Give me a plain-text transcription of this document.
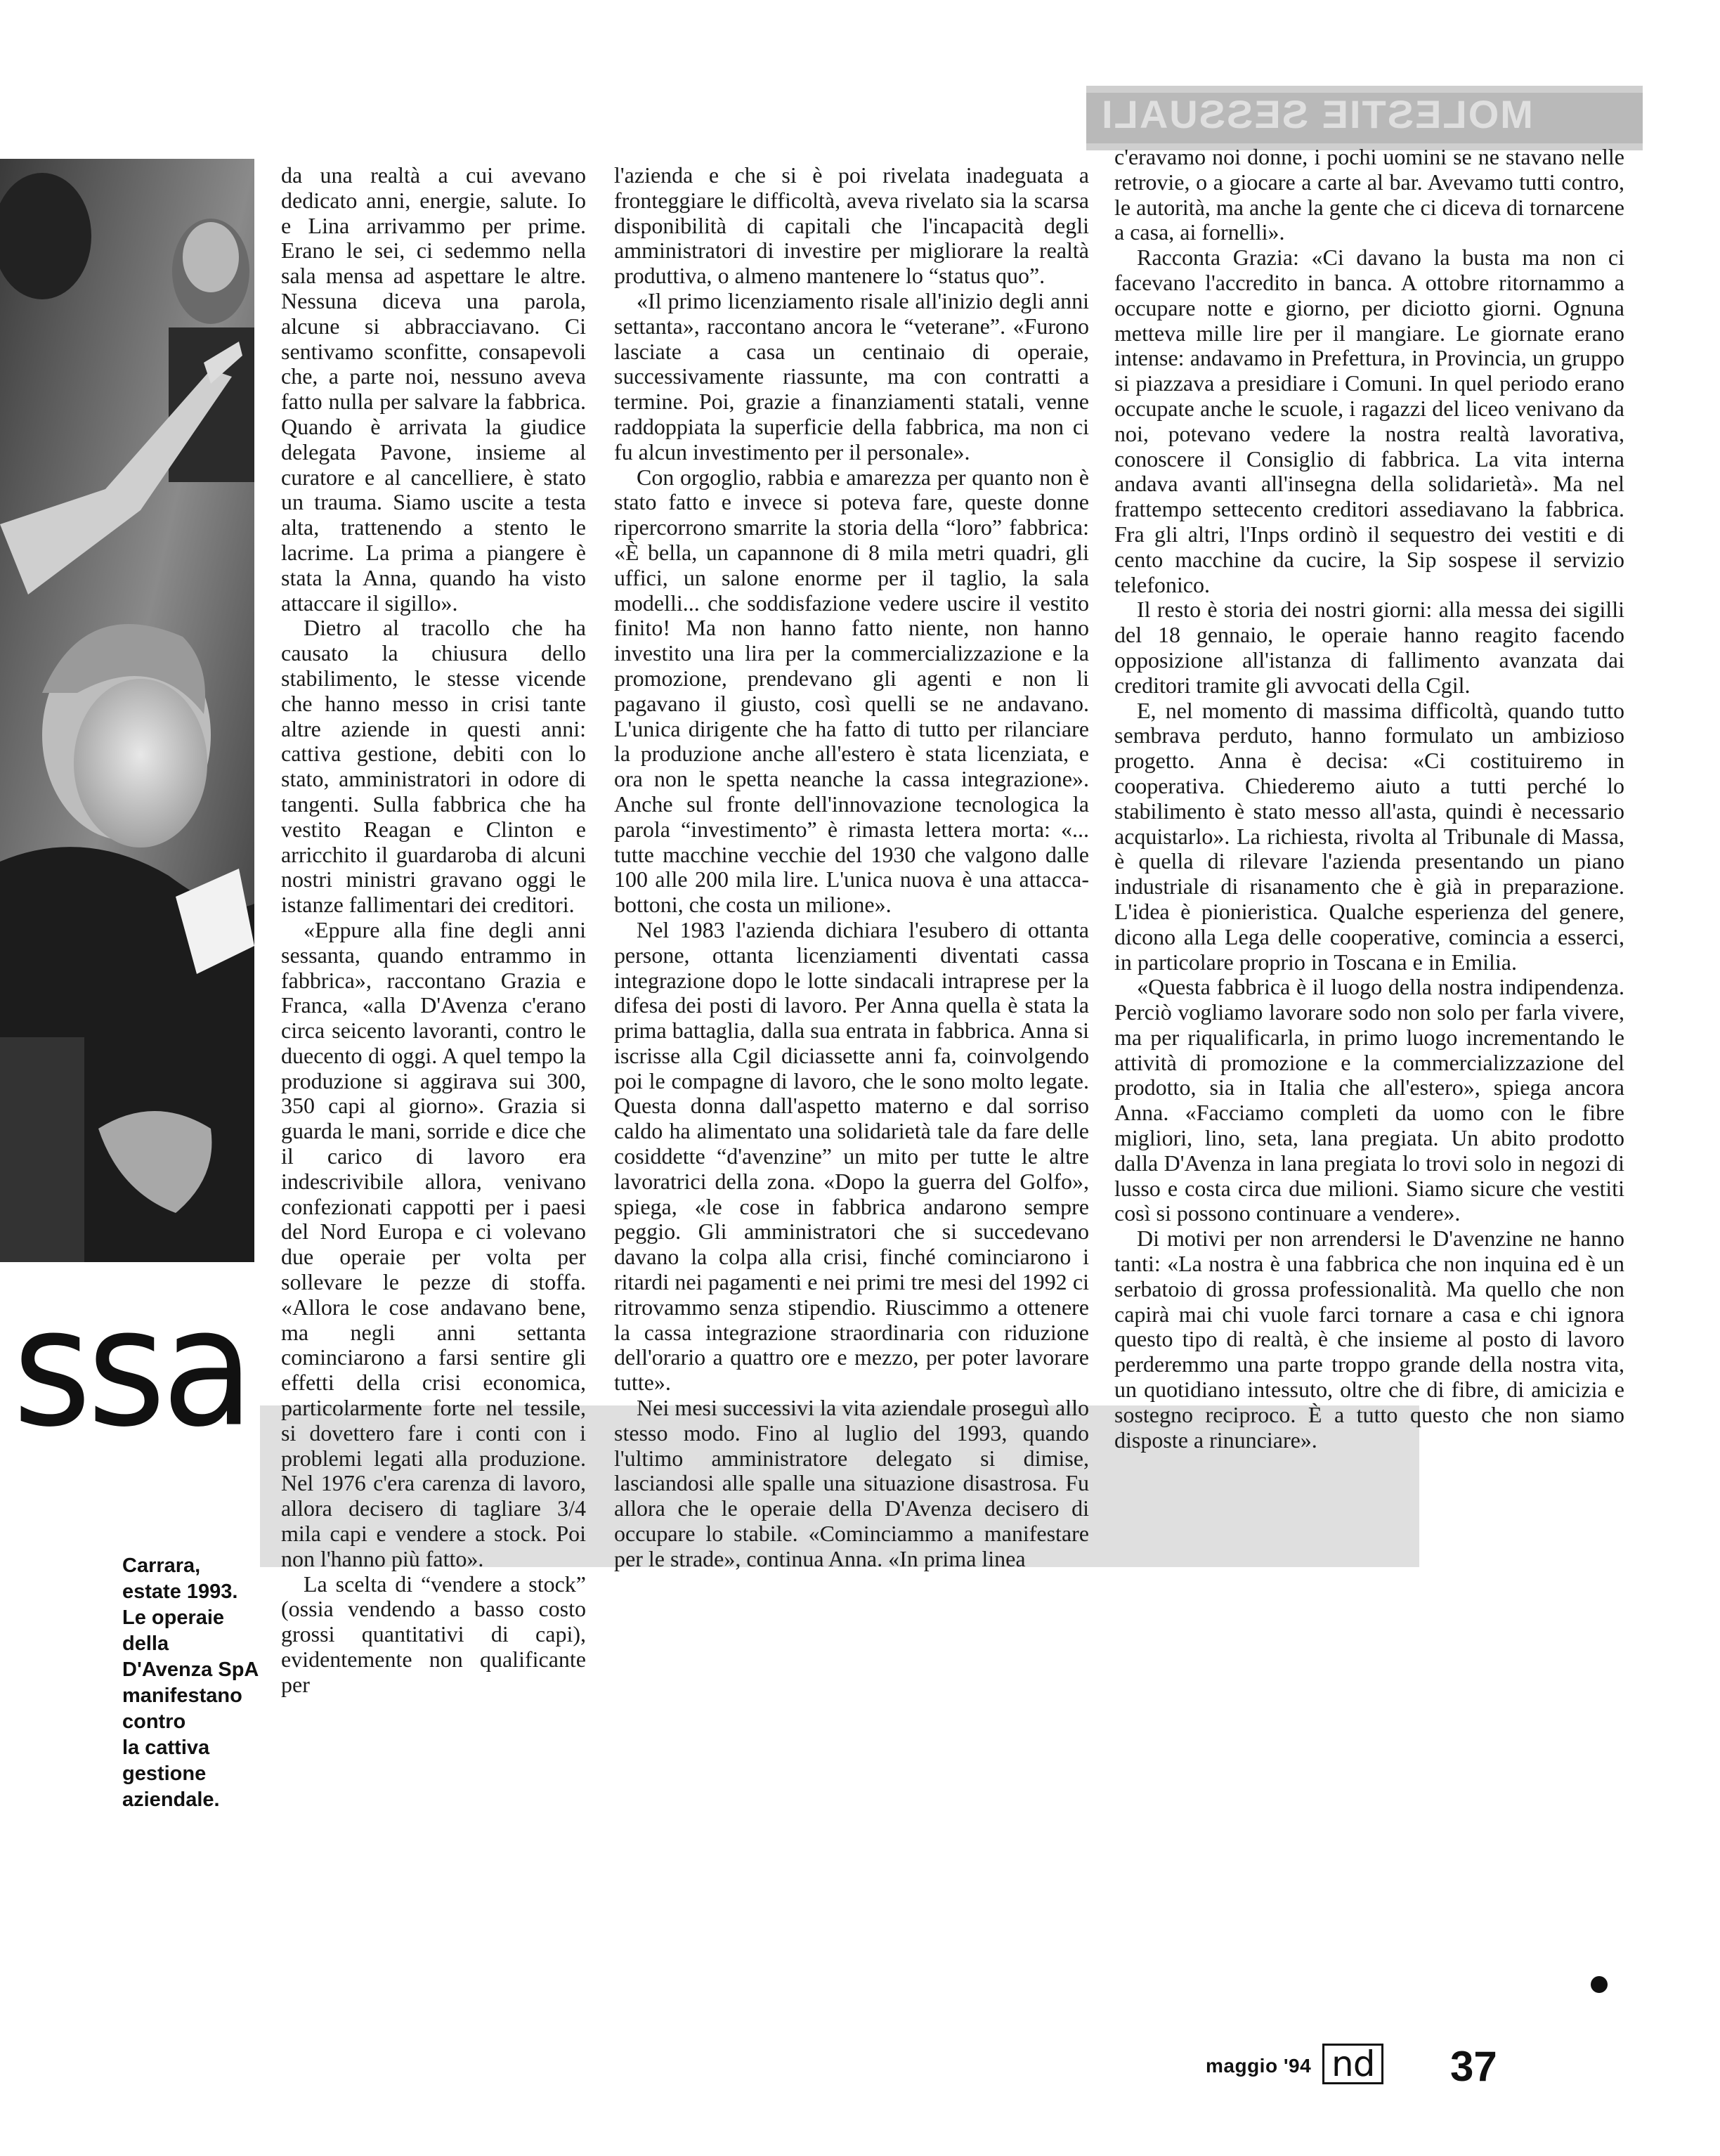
MOLESTIE SESSUALI
ssa
Carrara,
estate 1993.
Le operaie
della
D'Avenza SpA
manifestano
contro
la cattiva
gestione
aziendale.

da una realtà a cui avevano dedicato anni, energie, salute. Io e Lina arrivammo per prime. Erano le sei, ci sedemmo nella sala mensa ad aspettare le altre. Nessuna diceva una parola, alcune si abbracciavano. Ci sentivamo sconfitte, consapevoli che, a parte noi, nessuno aveva fatto nulla per salvare la fabbrica. Quando è arrivata la giudice delegata Pavone, insieme al curatore e al cancelliere, è stato un trauma. Siamo uscite a testa alta, trattenendo a stento le lacrime. La prima a piangere è stata la Anna, quando ha visto attaccare il sigillo».

Dietro al tracollo che ha causato la chiusura dello stabilimento, le stesse vicende che hanno messo in crisi tante altre aziende in questi anni: cattiva gestione, debiti con lo stato, amministratori in odore di tangenti. Sulla fabbrica che ha vestito Reagan e Clinton e arricchito il guardaroba di alcuni nostri ministri gravano oggi le istanze fallimentari dei creditori.

«Eppure alla fine degli anni sessanta, quando entrammo in fabbrica», raccontano Grazia e Franca, «alla D'Avenza c'erano circa seicento lavoranti, contro le duecento di oggi. A quel tempo la produzione si aggirava sui 300, 350 capi al giorno». Grazia si guarda le mani, sorride e dice che il carico di lavoro era indescrivibile allora, venivano confezionati cappotti per i paesi del Nord Europa e ci volevano due operaie per volta per sollevare le pezze di stoffa. «Allora le cose andavano bene, ma negli anni settanta cominciarono a farsi sentire gli effetti della crisi economica, particolarmente forte nel tessile, si dovettero fare i conti con i problemi legati alla produzione. Nel 1976 c'era carenza di lavoro, allora decisero di tagliare 3/4 mila capi e vendere a stock. Poi non l'hanno più fatto».

La scelta di “vendere a stock” (ossia vendendo a basso costo grossi quantitativi di capi), evidentemente non qualificante per

l'azienda e che si è poi rivelata inadeguata a fronteggiare le difficoltà, aveva rivelato sia la scarsa disponibilità di capitali che l'incapacità degli amministratori di investire per migliorare la realtà produttiva, o almeno mantenere lo “status quo”.

«Il primo licenziamento risale all'inizio degli anni settanta», raccontano ancora le “veterane”. «Furono lasciate a casa un centinaio di operaie, successivamente riassunte, ma con contratti a termine. Poi, grazie a finanziamenti statali, venne raddoppiata la superficie della fabbrica, ma non ci fu alcun investimento per il personale».

Con orgoglio, rabbia e amarezza per quanto non è stato fatto e invece si poteva fare, queste donne ripercorrono smarrite la storia della “loro” fabbrica: «È bella, un capannone di 8 mila metri quadri, gli uffici, un salone enorme per il taglio, la sala modelli... che soddisfazione vedere uscire il vestito finito! Ma non hanno fatto niente, non hanno investito una lira per la commercializzazione e la promozione, prendevano gli agenti e non li pagavano il giusto, così quelli se ne andavano. L'unica dirigente che ha fatto di tutto per rilanciare la produzione anche all'estero è stata licenziata, e ora non le spetta neanche la cassa integrazione». Anche sul fronte dell'innovazione tecnologica la parola “investimento” è rimasta lettera morta: «... tutte macchine vecchie del 1930 che valgono dalle 100 alle 200 mila lire. L'unica nuova è una attacca-bottoni, che costa un milione».

Nel 1983 l'azienda dichiara l'esubero di ottanta persone, ottanta licenziamenti diventati cassa integrazione dopo le lotte sindacali intraprese per la difesa dei posti di lavoro. Per Anna quella è stata la prima battaglia, dalla sua entrata in fabbrica. Anna si iscrisse alla Cgil diciassette anni fa, coinvolgendo poi le compagne di lavoro, che le sono molto legate. Questa donna dall'aspetto materno e dal sorriso caldo ha alimentato una solidarietà tale da fare delle cosiddette “d'avenzine” un mito per tutte le altre lavoratrici della zona. «Dopo la guerra del Golfo», spiega, «le cose in fabbrica andarono sempre peggio. Gli amministratori che si succedevano davano la colpa alla crisi, finché cominciarono i ritardi nei pagamenti e nei primi tre mesi del 1992 ci ritrovammo senza stipendio. Riuscimmo a ottenere la cassa integrazione straordinaria con riduzione dell'orario a quattro ore e mezzo, per poter lavorare tutte».

Nei mesi successivi la vita aziendale proseguì allo stesso modo. Fino al luglio del 1993, quando l'ultimo amministratore delegato si dimise, lasciandosi alle spalle una situazione disastrosa. Fu allora che le operaie della D'Avenza decisero di occupare lo stabile. «Cominciammo a manifestare per le strade», continua Anna. «In prima linea

c'eravamo noi donne, i pochi uomini se ne stavano nelle retrovie, o a giocare a carte al bar. Avevamo tutti contro, le autorità, ma anche la gente che ci diceva di tornarcene a casa, ai fornelli».

Racconta Grazia: «Ci davano la busta ma non ci facevano l'accredito in banca. A ottobre ritornammo a occupare notte e giorno, per diciotto giorni. Ognuna metteva mille lire per il mangiare. Le giornate erano intense: andavamo in Prefettura, in Provincia, un gruppo si piazzava a presidiare i Comuni. In quel periodo erano occupate anche le scuole, i ragazzi del liceo venivano da noi, potevano vedere la nostra realtà lavorativa, conoscere il Consiglio di fabbrica. La vita interna andava avanti all'insegna della solidarietà». Ma nel frattempo settecento creditori assediavano la fabbrica. Fra gli altri, l'Inps ordinò il sequestro dei vestiti e di cento macchine da cucire, la Sip sospese il servizio telefonico.

Il resto è storia dei nostri giorni: alla messa dei sigilli del 18 gennaio, le operaie hanno reagito facendo opposizione all'istanza di fallimento avanzata dai creditori tramite gli avvocati della Cgil.

E, nel momento di massima difficoltà, quando tutto sembrava perduto, hanno formulato un ambizioso progetto. Anna è decisa: «Ci costituiremo in cooperativa. Chiederemo aiuto a tutti perché lo stabilimento è stato messo all'asta, quindi è necessario acquistarlo». La richiesta, rivolta al Tribunale di Massa, è quella di rilevare l'azienda presentando un piano industriale di risanamento che è già in preparazione. L'idea è pionieristica. Qualche esperienza del genere, dicono alla Lega delle cooperative, comincia a esserci, in particolare proprio in Toscana e in Emilia.

«Questa fabbrica è il luogo della nostra indipendenza. Perciò vogliamo lavorare sodo non solo per farla vivere, ma per riqualificarla, in primo luogo incrementando le attività di promozione e la commercializzazione del prodotto, sia in Italia che all'estero», spiega ancora Anna. «Facciamo completi da uomo con le fibre migliori, lino, seta, lana pregiata. Un abito prodotto dalla D'Avenza in lana pregiata lo trovi solo in negozi di lusso e costa circa due milioni. Siamo sicure che vestiti così si possono continuare a vendere».

Di motivi per non arrendersi le D'avenzine ne hanno tanti: «La nostra è una fabbrica che non inquina ed è un serbatoio di grossa professionalità. Ma quello che non capirà mai chi vuole farci tornare a casa e chi ignora questo tipo di realtà, è che insieme al posto di lavoro perderemmo una parte troppo grande della nostra vita, un quotidiano intessuto, oltre che di fibre, di amicizia e sostegno reciproco. È a tutto questo che non siamo disposte a rinunciare».

maggio '94 nd 37
